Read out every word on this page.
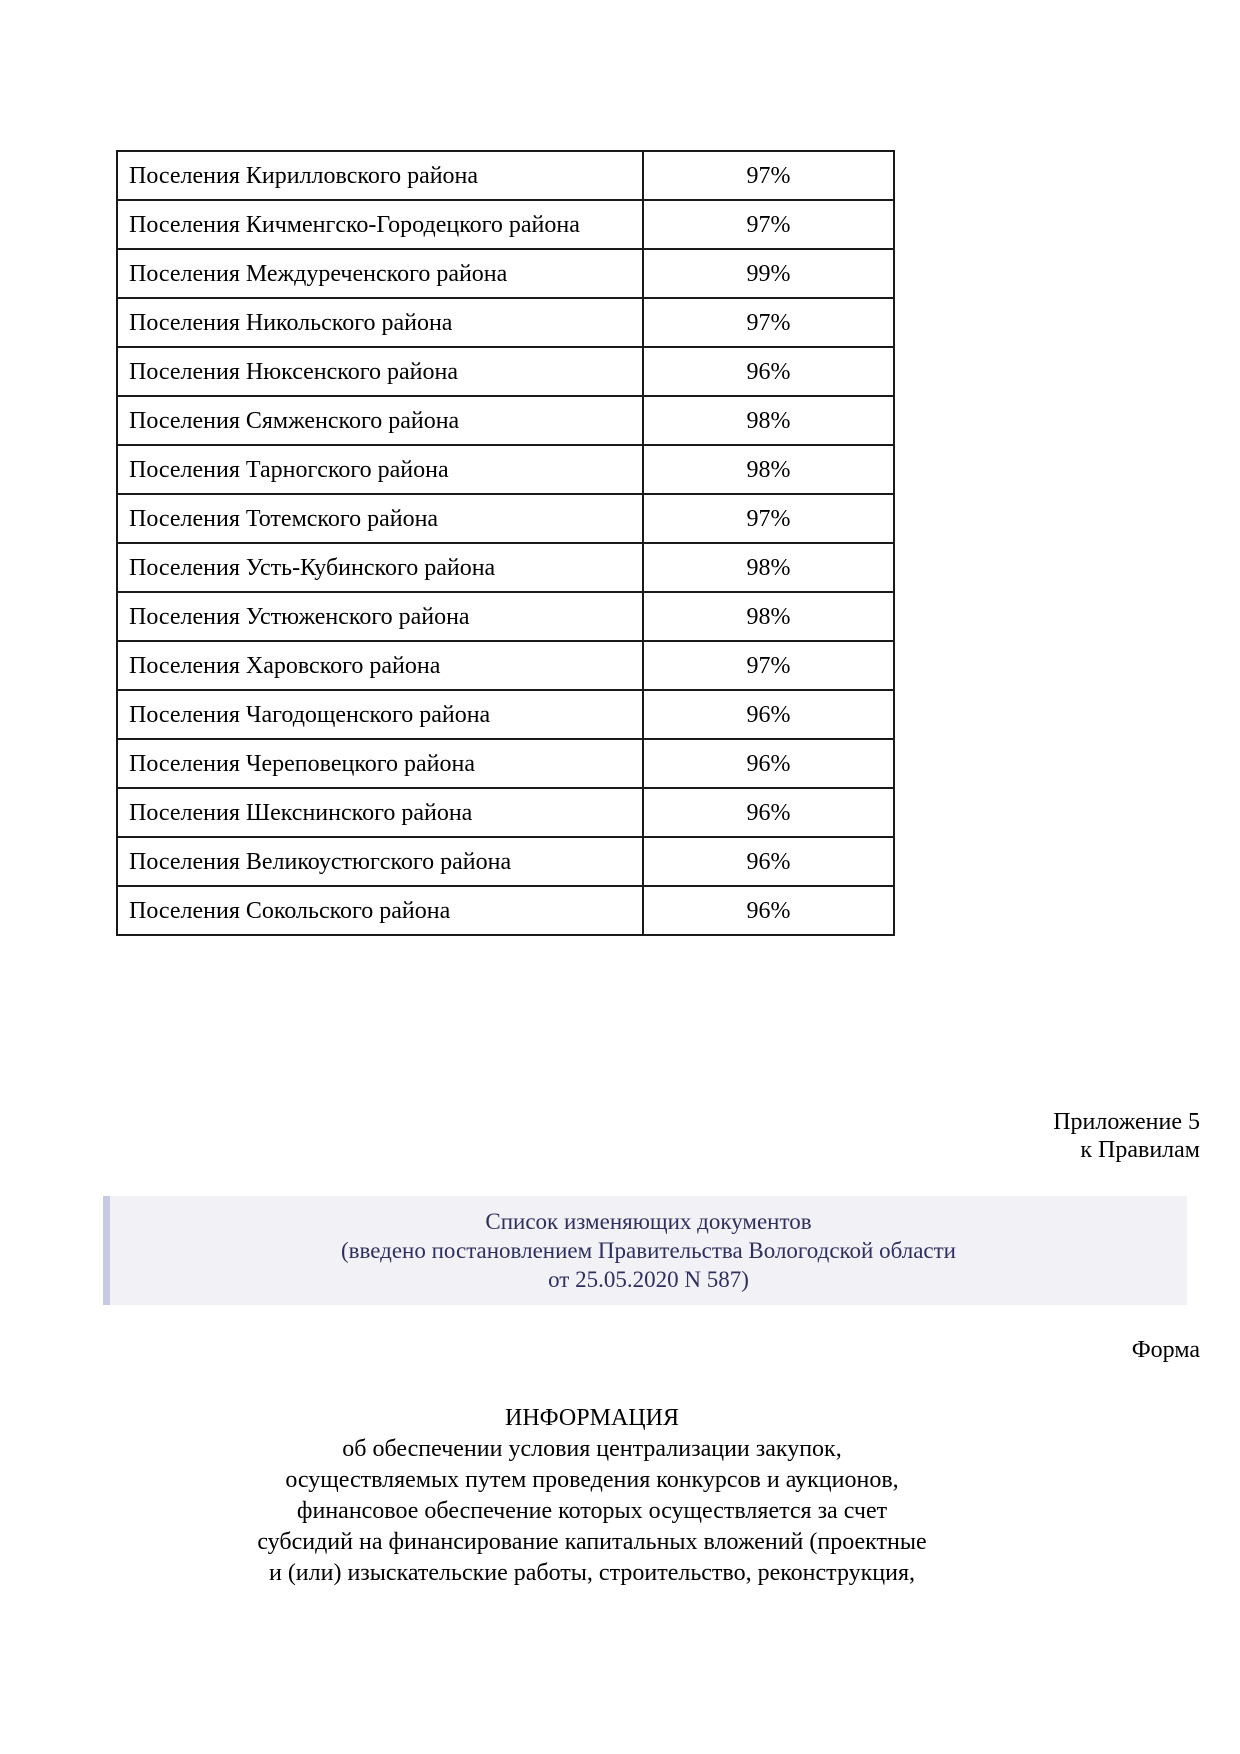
Поселения Кирилловского района	97%
Поселения Кичменгско-Городецкого района	97%
Поселения Междуреченского района	99%
Поселения Никольского района	97%
Поселения Нюксенского района	96%
Поселения Сямженского района	98%
Поселения Тарногского района	98%
Поселения Тотемского района	97%
Поселения Усть-Кубинского района	98%
Поселения Устюженского района	98%
Поселения Харовского района	97%
Поселения Чагодощенского района	96%
Поселения Череповецкого района	96%
Поселения Шекснинского района	96%
Поселения Великоустюгского района	96%
Поселения Сокольского района	96%
Приложение 5
к Правилам
Список изменяющих документов
(введено постановлением Правительства Вологодской области
от 25.05.2020 N 587)
Форма
ИНФОРМАЦИЯ
об обеспечении условия централизации закупок,
осуществляемых путем проведения конкурсов и аукционов,
финансовое обеспечение которых осуществляется за счет
субсидий на финансирование капитальных вложений (проектные
и (или) изыскательские работы, строительство, реконструкция,
